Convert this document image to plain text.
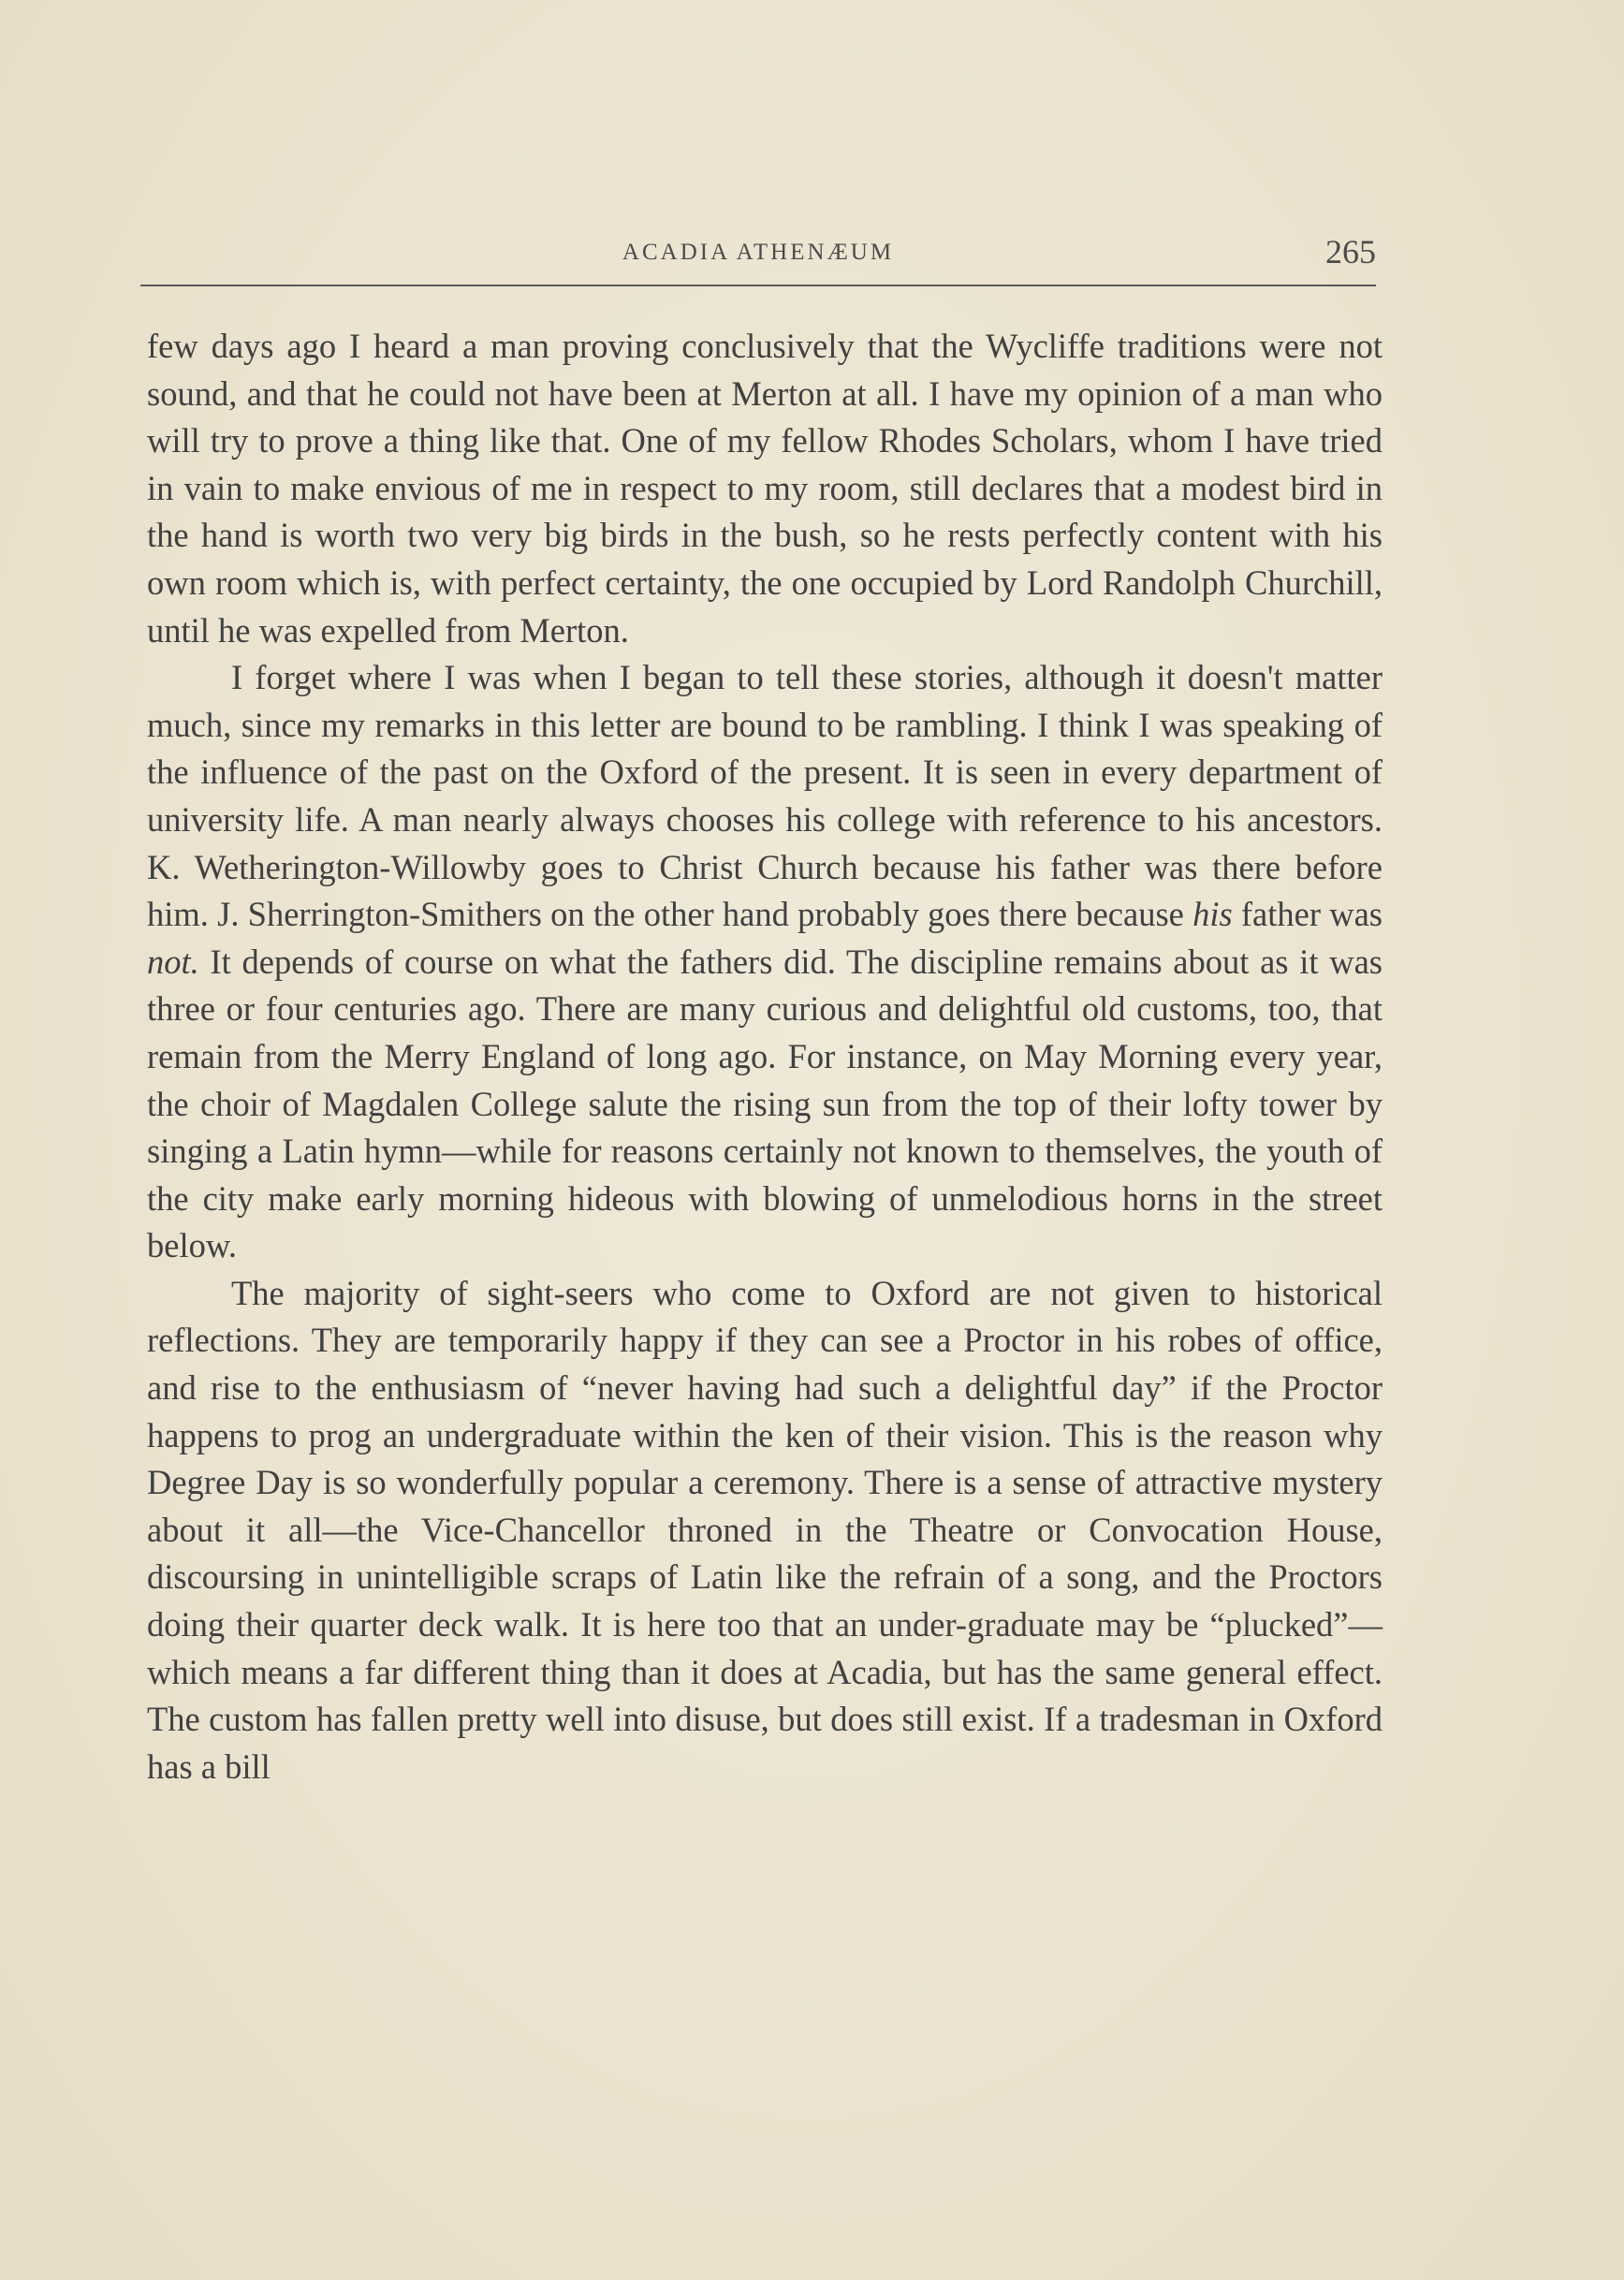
ACADIA ATHENÆUM	265

few days ago I heard a man proving conclusively that the Wycliffe traditions were not sound, and that he could not have been at Merton at all. I have my opinion of a man who will try to prove a thing like that. One of my fellow Rhodes Scholars, whom I have tried in vain to make envious of me in respect to my room, still declares that a modest bird in the hand is worth two very big birds in the bush, so he rests perfectly content with his own room which is, with perfect certainty, the one occupied by Lord Randolph Churchill, until he was expelled from Merton.

I forget where I was when I began to tell these stories, although it doesn't matter much, since my remarks in this letter are bound to be rambling. I think I was speaking of the influence of the past on the Oxford of the present. It is seen in every department of university life. A man nearly always chooses his college with reference to his ancestors. K. Wetherington-Willowby goes to Christ Church because his father was there before him. J. Sherrington-Smithers on the other hand probably goes there because his father was not. It depends of course on what the fathers did. The discipline remains about as it was three or four centuries ago. There are many curious and delightful old customs, too, that remain from the Merry England of long ago. For instance, on May Morning every year, the choir of Magdalen College salute the rising sun from the top of their lofty tower by singing a Latin hymn—while for reasons certainly not known to themselves, the youth of the city make early morning hideous with blowing of unmelodious horns in the street below.

The majority of sight-seers who come to Oxford are not given to historical reflections. They are temporarily happy if they can see a Proctor in his robes of office, and rise to the enthusiasm of “never having had such a delightful day” if the Proctor happens to prog an undergraduate within the ken of their vision. This is the reason why Degree Day is so wonderfully popular a ceremony. There is a sense of attractive mystery about it all—the Vice-Chancellor throned in the Theatre or Convocation House, discoursing in unintelligible scraps of Latin like the refrain of a song, and the Proctors doing their quarter deck walk. It is here too that an under-graduate may be “plucked”—which means a far different thing than it does at Acadia, but has the same general effect. The custom has fallen pretty well into disuse, but does still exist. If a tradesman in Oxford has a bill
